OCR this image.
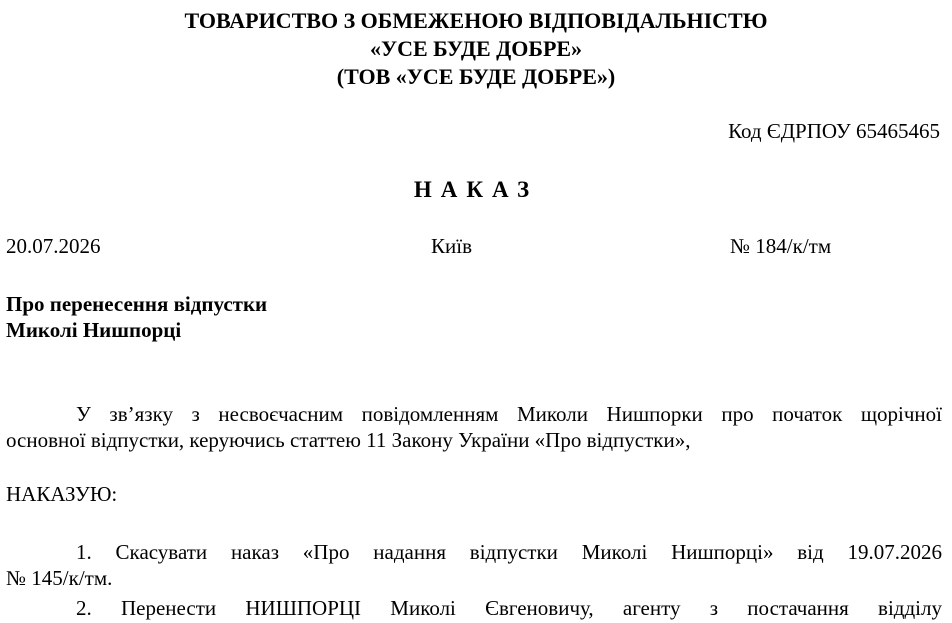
ТОВАРИСТВО З ОБМЕЖЕНОЮ ВІДПОВІДАЛЬНІСТЮ
«УСЕ БУДЕ ДОБРЕ»
(ТОВ «УСЕ БУДЕ ДОБРЕ»)
Код ЄДРПОУ 65465465
НАКАЗ
20.07.2026	Київ	№ 184/к/тм
Про перенесення відпустки
Миколі Нишпорці
У зв’язку з несвоєчасним повідомленням Миколи Нишпорки про початок щорічної
основної відпустки, керуючись статтею 11 Закону України «Про відпустки»,
НАКАЗУЮ:
1. Скасувати наказ «Про надання відпустки Миколі Нишпорці» від 19.07.2026
№ 145/к/тм.
2. Перенести НИШПОРЦІ Миколі Євгеновичу, агенту з постачання відділу
